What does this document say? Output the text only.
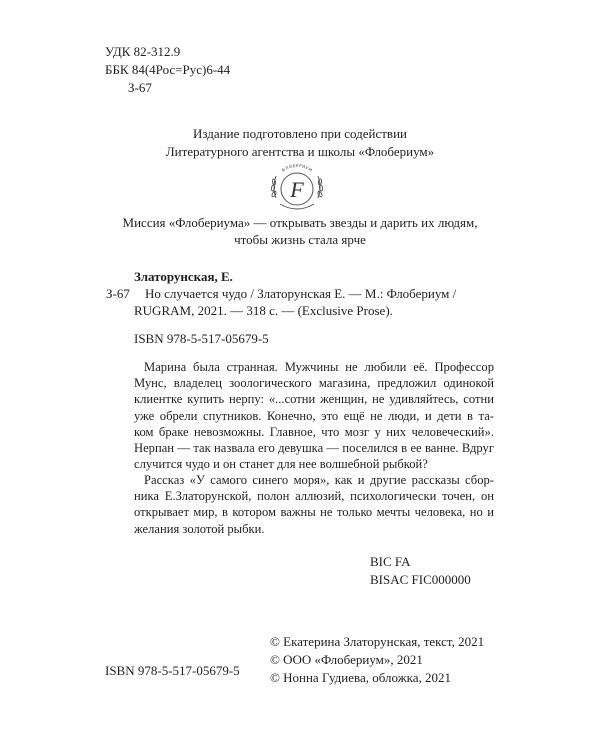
УДК 82-312.9
ББК 84(4Рос=Рус)6-44
З-67
Издание подготовлено при содействии
Литературного агентства и школы «Флобериум»
ФЛОБЕРИУМ
F
Миссия «Флобериума» — открывать звезды и дарить их людям,
чтобы жизнь стала ярче
Златорунская, Е.
З-67 Но случается чудо / Златорунская Е. — М.: Флобериум /
RUGRAM, 2021. — 318 с. — (Exclusive Prose).
ISBN 978-5-517-05679-5
Марина была странная. Мужчины не любили её. Профессор
Мунс, владелец зоологического магазина, предложил одинокой
клиентке купить нерпу: «...сотни женщин, не удивляйтесь, сотни
уже обрели спутников. Конечно, это ещё не люди, и дети в та-
ком браке невозможны. Главное, что мозг у них человеческий».
Нерпан — так назвала его девушка — поселился в ее ванне. Вдруг
случится чудо и он станет для нее волшебной рыбкой?
Рассказ «У самого синего моря», как и другие рассказы сбор-
ника Е.Златорунской, полон аллюзий, психологически точен, он
открывает мир, в котором важны не только мечты человека, но и
желания золотой рыбки.
BIC FA
BISAC FIC000000
ISBN 978-5-517-05679-5
© Екатерина Златорунская, текст, 2021
© ООО «Флобериум», 2021
© Нонна Гудиева, обложка, 2021
